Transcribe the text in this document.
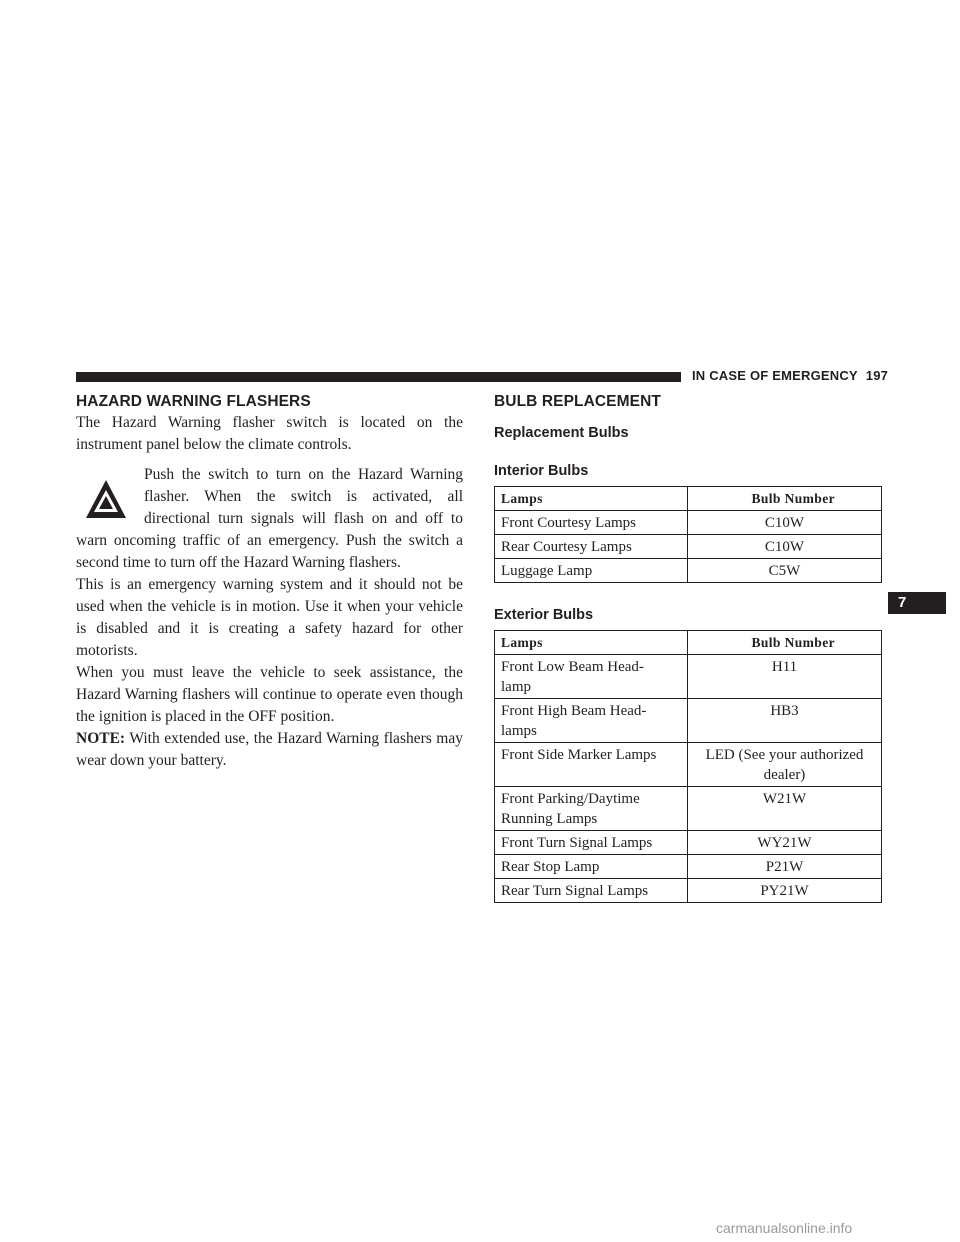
IN CASE OF EMERGENCY 197
HAZARD WARNING FLASHERS

The Hazard Warning flasher switch is located on the instrument panel below the climate controls.

Push the switch to turn on the Hazard Warning flasher. When the switch is activated, all directional turn signals will flash on and off to warn oncoming traffic of an emergency. Push the switch a second time to turn off the Hazard Warning flashers.

This is an emergency warning system and it should not be used when the vehicle is in motion. Use it when your vehicle is disabled and it is creating a safety hazard for other motorists.

When you must leave the vehicle to seek assistance, the Hazard Warning flashers will continue to operate even though the ignition is placed in the OFF position.

NOTE: With extended use, the Hazard Warning flashers may wear down your battery.

BULB REPLACEMENT
Replacement Bulbs
Interior Bulbs
Lamps	Bulb Number
Front Courtesy Lamps	C10W
Rear Courtesy Lamps	C10W
Luggage Lamp	C5W
Exterior Bulbs
Lamps	Bulb Number
Front Low Beam Head-
lamp	H11
Front High Beam Head-
lamps	HB3
Front Side Marker Lamps	LED (See your authorized dealer)
Front Parking/Daytime
Running Lamps	W21W
Front Turn Signal Lamps	WY21W
Rear Stop Lamp	P21W
Rear Turn Signal Lamps	PY21W
7
carmanualsonline.info
